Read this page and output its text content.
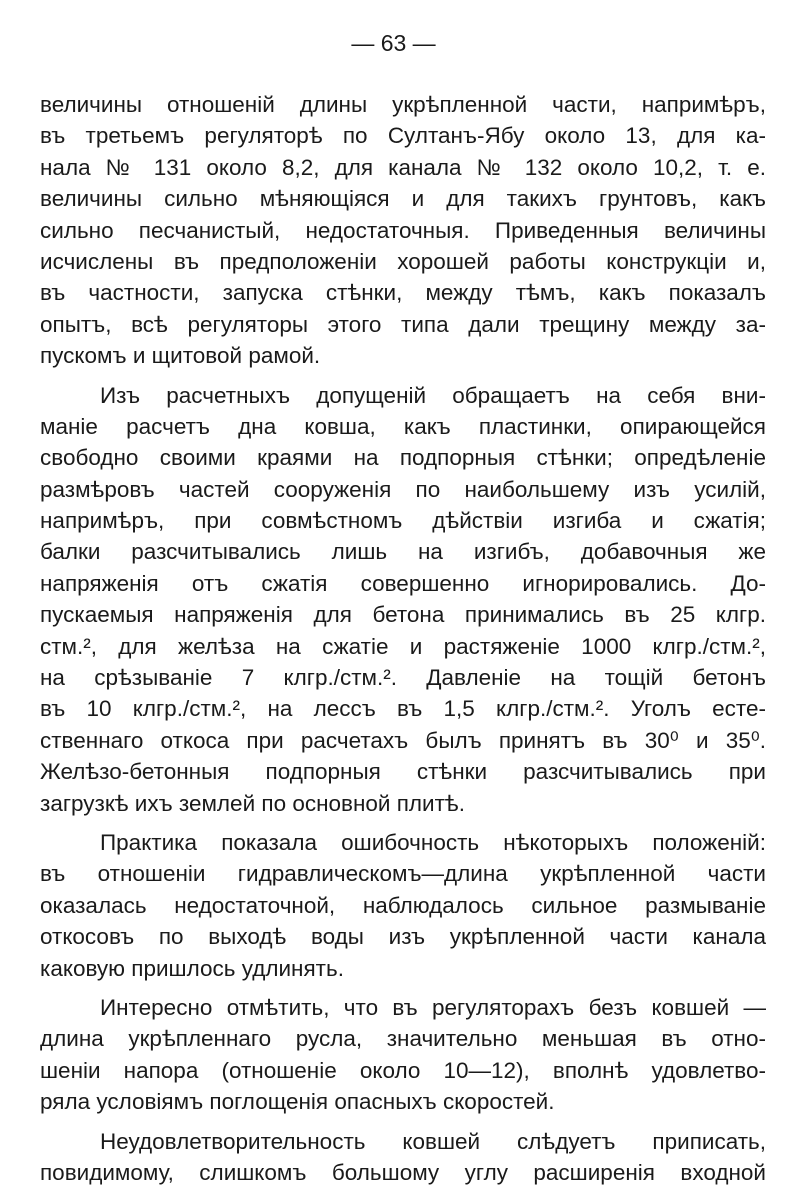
— 63 —
величины отношенiй длины укрѣпленной части, напримѣръ,
въ третьемъ регуляторѣ по Султанъ-Ябу около 13, для ка-
нала № 131 около 8,2, для канала № 132 около 10,2, т. е.
величины сильно мѣняющiяся и для такихъ грунтовъ, какъ
сильно песчанистый, недостаточныя. Приведенныя величины
исчислены въ предположенiи хорошей работы конструкцiи и,
въ частности, запуска стѣнки, между тѣмъ, какъ показалъ
опытъ, всѣ регуляторы этого типа дали трещину между за-
пускомъ и щитовой рамой.
Изъ расчетныхъ допущенiй обращаетъ на себя вни-
манiе расчетъ дна ковша, какъ пластинки, опирающейся
свободно своими краями на подпорныя стѣнки; опредѣленiе
размѣровъ частей сооруженiя по наибольшему изъ усилiй,
напримѣръ, при совмѣстномъ дѣйствiи изгиба и сжатiя;
балки разсчитывались лишь на изгибъ, добавочныя же
напряженiя отъ сжатiя совершенно игнорировались. До-
пускаемыя напряженiя для бетона принимались въ 25 клгр.
стм.², для желѣза на сжатiе и растяженiе 1000 клгр./стм.²,
на срѣзыванiе 7 клгр./стм.². Давленiе на тощiй бетонъ
въ 10 клгр./стм.², на лессъ въ 1,5 клгр./стм.². Уголъ есте-
ственнаго откоса при расчетахъ былъ принятъ въ 30⁰ и 35⁰.
Желѣзо-бетонныя подпорныя стѣнки разсчитывались при
загрузкѣ ихъ землей по основной плитѣ.
Практика показала ошибочность нѣкоторыхъ положенiй:
въ отношенiи гидравлическомъ—длина укрѣпленной части
оказалась недостаточной, наблюдалось сильное размыванiе
откосовъ по выходѣ воды изъ укрѣпленной части канала
каковую пришлось удлинять.
Интересно отмѣтить, что въ регуляторахъ безъ ковшей —
длина укрѣпленнаго русла, значительно меньшая въ отно-
шенiи напора (отношенiе около 10—12), вполнѣ удовлетво-
ряла условiямъ поглощенiя опасныхъ скоростей.
Неудовлетворительность ковшей слѣдуетъ приписать,
повидимому, слишкомъ большому углу расширенiя входной
